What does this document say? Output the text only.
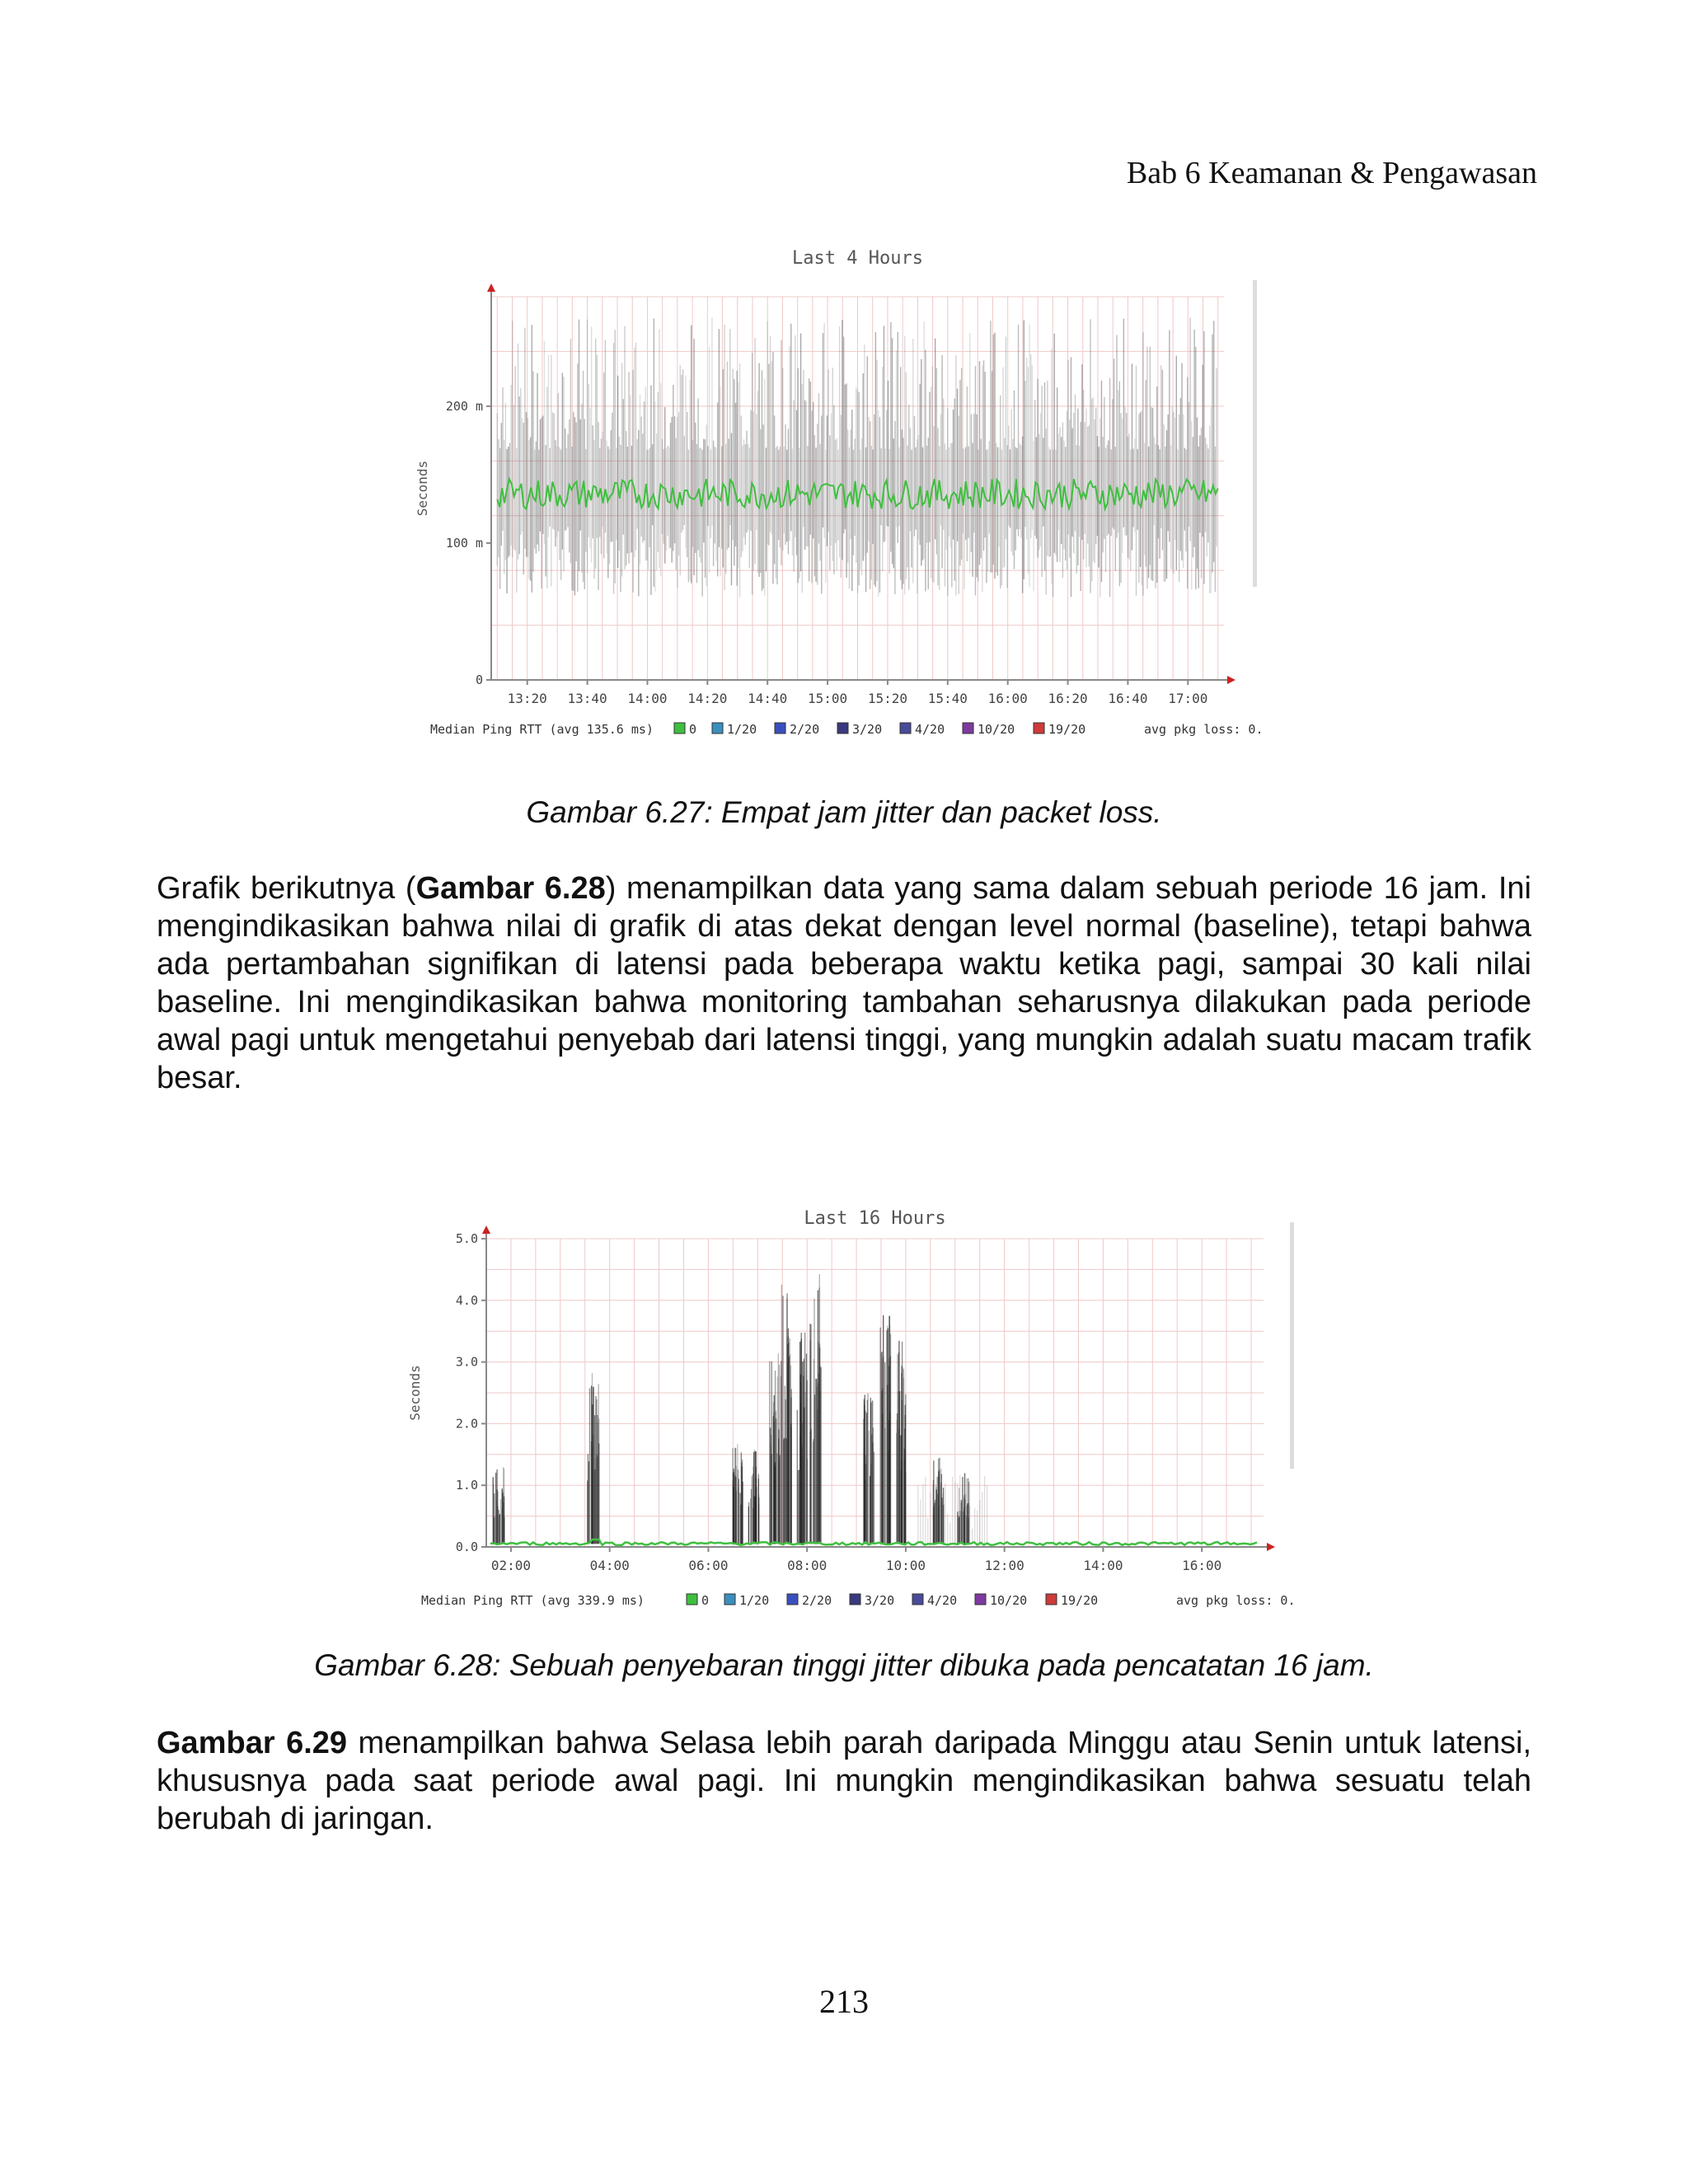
Bab 6 Keamanan & Pengawasan
Last 4 Hours
Seconds
0
100 m
200 m
13:20 13:40 14:00 14:20 14:40 15:00 15:20 15:40 16:00 16:20 16:40 17:00
Median Ping RTT (avg 135.6 ms)	0 1/20	2/20	3/20	4/20	10/20	19/20	avg pkg loss: 0.
Gambar 6.27: Empat jam jitter dan packet loss.
Grafik berikutnya (Gambar 6.28) menampilkan data yang sama dalam sebuah periode 16 jam. Ini mengindikasikan bahwa nilai di grafik di atas dekat dengan level normal (baseline), tetapi bahwa ada pertambahan signifikan di latensi pada beberapa waktu ketika pagi, sampai 30 kali nilai baseline. Ini mengindikasikan bahwa monitoring tambahan seharusnya dilakukan pada periode awal pagi untuk mengetahui penyebab dari latensi tinggi, yang mungkin adalah suatu macam trafik besar.
Last 16 Hours
Seconds
0.0
1.0
2.0
3.0
4.0
5.0
02:00	04:00	06:00	08:00	10:00	12:00	14:00	16:00
Median Ping RTT (avg 339.9 ms)	0 1/20	2/20	3/20	4/20	10/20	19/20	avg pkg loss: 0.
Gambar 6.28: Sebuah penyebaran tinggi jitter dibuka pada pencatatan 16 jam.
Gambar 6.29 menampilkan bahwa Selasa lebih parah daripada Minggu atau Senin untuk latensi, khususnya pada saat periode awal pagi. Ini mungkin mengindikasikan bahwa sesuatu telah berubah di jaringan.
213
